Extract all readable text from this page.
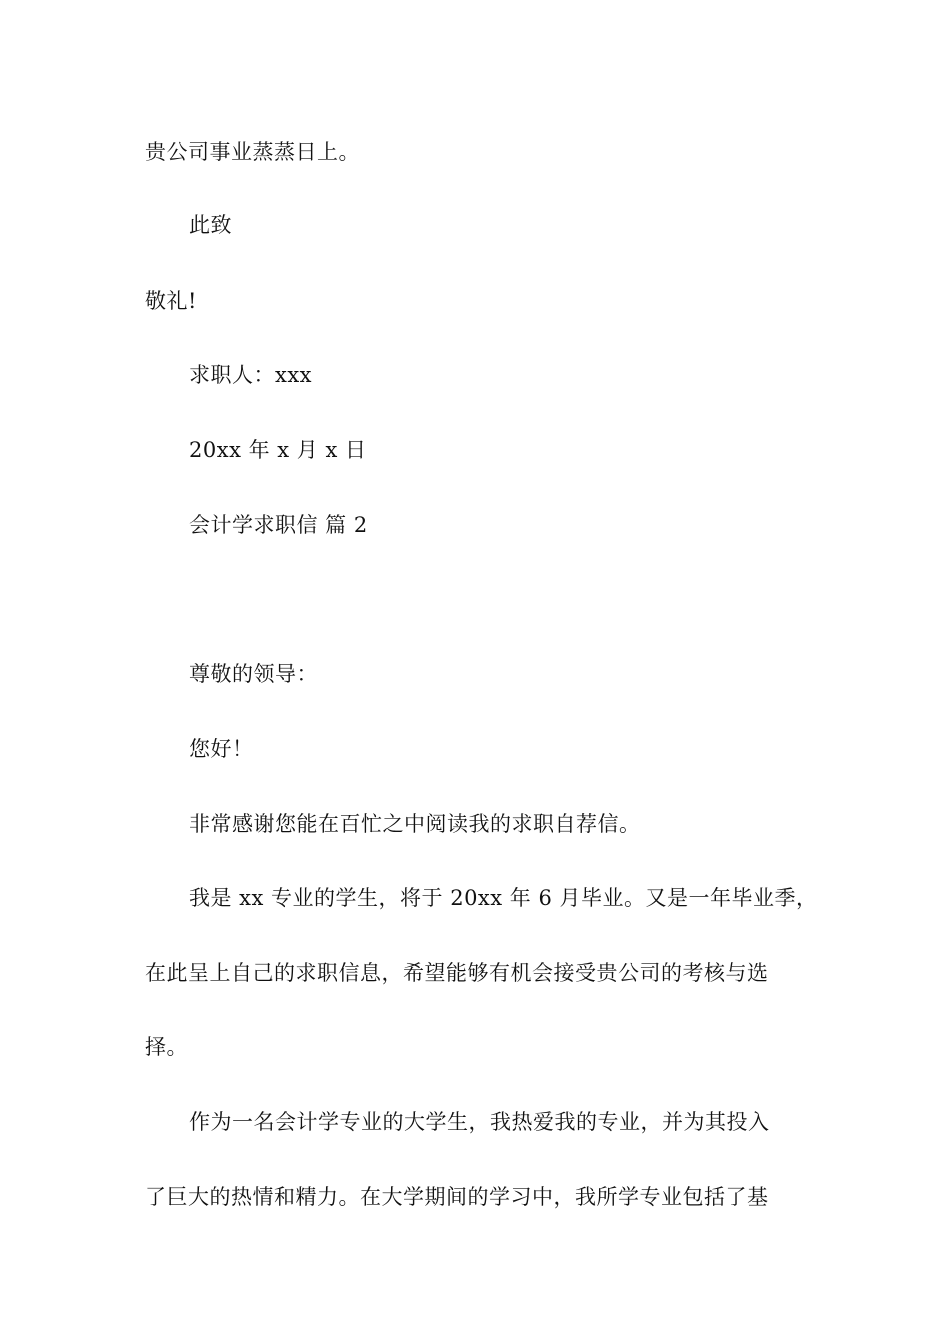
贵公司事业蒸蒸日上。
此致
敬礼!
求职人：xxx
20xx 年 x 月 x 日
会计学求职信 篇 2
尊敬的领导：
您好！
非常感谢您能在百忙之中阅读我的求职自荐信。
我是 xx 专业的学生，将于 20xx 年 6 月毕业。又是一年毕业季，
在此呈上自己的求职信息，希望能够有机会接受贵公司的考核与选
择。
作为一名会计学专业的大学生，我热爱我的专业，并为其投入
了巨大的热情和精力。在大学期间的学习中，我所学专业包括了基
